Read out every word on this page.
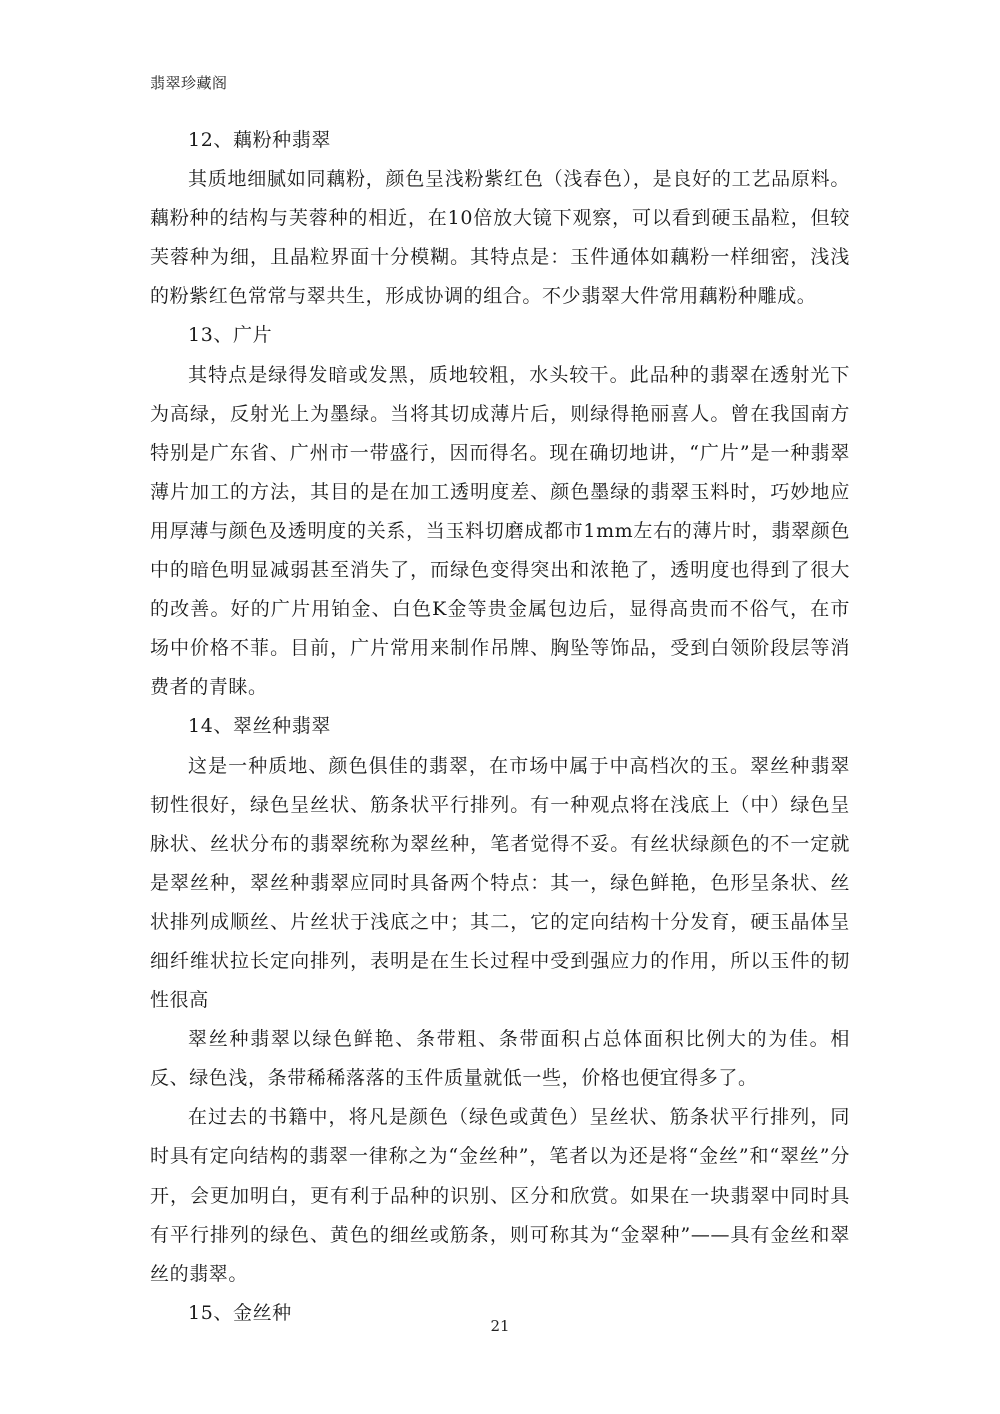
翡翠珍藏阁

12、藕粉种翡翠

其质地细腻如同藕粉，颜色呈浅粉紫红色（浅春色），是良好的工艺品原料。藕粉种的结构与芙蓉种的相近，在10倍放大镜下观察，可以看到硬玉晶粒，但较芙蓉种为细，且晶粒界面十分模糊。其特点是：玉件通体如藕粉一样细密，浅浅的粉紫红色常常与翠共生，形成协调的组合。不少翡翠大件常用藕粉种雕成。

13、广片

其特点是绿得发暗或发黑，质地较粗，水头较干。此品种的翡翠在透射光下为高绿，反射光上为墨绿。当将其切成薄片后，则绿得艳丽喜人。曾在我国南方特别是广东省、广州市一带盛行，因而得名。现在确切地讲，“广片”是一种翡翠薄片加工的方法，其目的是在加工透明度差、颜色墨绿的翡翠玉料时，巧妙地应用厚薄与颜色及透明度的关系，当玉料切磨成都市1mm左右的薄片时，翡翠颜色中的暗色明显减弱甚至消失了，而绿色变得突出和浓艳了，透明度也得到了很大的改善。好的广片用铂金、白色K金等贵金属包边后，显得高贵而不俗气，在市场中价格不菲。目前，广片常用来制作吊牌、胸坠等饰品，受到白领阶段层等消费者的青睐。

14、翠丝种翡翠

这是一种质地、颜色俱佳的翡翠，在市场中属于中高档次的玉。翠丝种翡翠韧性很好，绿色呈丝状、筋条状平行排列。有一种观点将在浅底上（中）绿色呈脉状、丝状分布的翡翠统称为翠丝种，笔者觉得不妥。有丝状绿颜色的不一定就是翠丝种，翠丝种翡翠应同时具备两个特点：其一，绿色鲜艳，色形呈条状、丝状排列成顺丝、片丝状于浅底之中；其二，它的定向结构十分发育，硬玉晶体呈细纤维状拉长定向排列，表明是在生长过程中受到强应力的作用，所以玉件的韧性很高

翠丝种翡翠以绿色鲜艳、条带粗、条带面积占总体面积比例大的为佳。相反、绿色浅，条带稀稀落落的玉件质量就低一些，价格也便宜得多了。

在过去的书籍中，将凡是颜色（绿色或黄色）呈丝状、筋条状平行排列，同时具有定向结构的翡翠一律称之为“金丝种”，笔者以为还是将“金丝”和“翠丝”分开，会更加明白，更有利于品种的识别、区分和欣赏。如果在一块翡翠中同时具有平行排列的绿色、黄色的细丝或筋条，则可称其为“金翠种”——具有金丝和翠丝的翡翠。

15、金丝种

21
